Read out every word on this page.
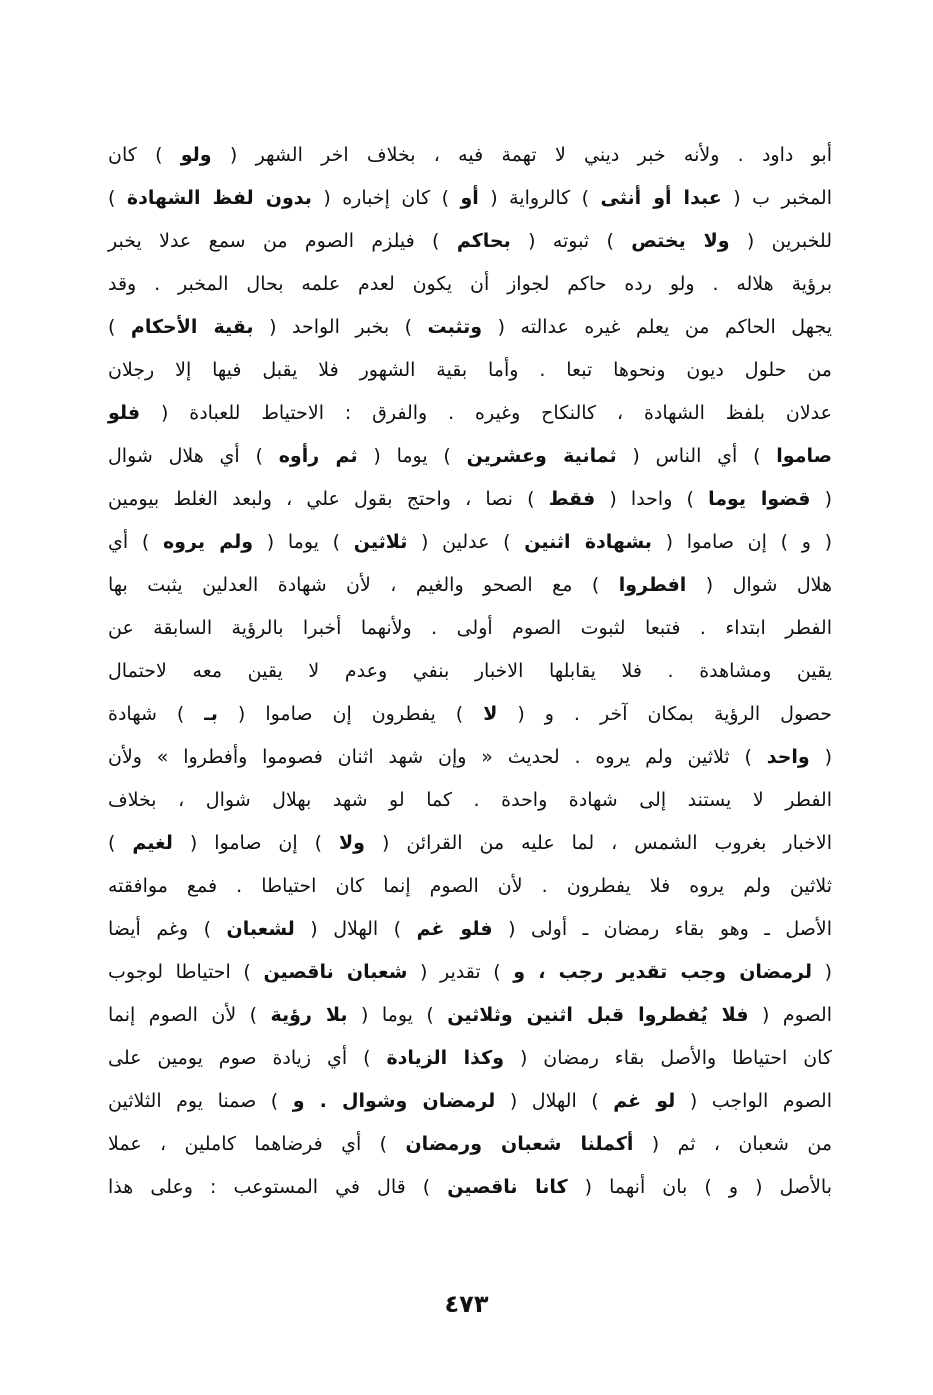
أبو داود . ولأنه خبر ديني لا تهمة فيه ، بخلاف اخر الشهر ( ولو ) كان
المخبر ب ( عبدا أو أنثى ) كالرواية ( أو ) كان إخباره ( بدون لفظ الشهادة )
للخبرين ( ولا يختص ) ثبوته ( بحاكم ) فيلزم الصوم من سمع عدلا يخبر
برؤية هلاله . ولو رده حاكم لجواز أن يكون لعدم علمه بحال المخبر . وقد
يجهل الحاكم من يعلم غيره عدالته ( وتثبت ) بخبر الواحد ( بقية الأحكام )
من حلول ديون ونحوها تبعا . وأما بقية الشهور فلا يقبل فيها إلا رجلان
عدلان بلفظ الشهادة ، كالنكاح وغيره . والفرق : الاحتياط للعبادة ( فلو
صاموا ) أي الناس ( ثمانية وعشرين ) يوما ( ثم رأوه ) أي هلال شوال
( قضوا يوما ) واحدا ( فقط ) نصا ، واحتج بقول علي ، ولبعد الغلط بيومين
( و ) إن صاموا ( بشهادة اثنين ) عدلين ( ثلاثين ) يوما ( ولم يروه ) أي
هلال شوال ( افطروا ) مع الصحو والغيم ، لأن شهادة العدلين يثبت بها
الفطر ابتداء . فتبعا لثبوت الصوم أولى . ولأنهما أخبرا بالرؤية السابقة عن
يقين ومشاهدة . فلا يقابلها الاخبار بنفي وعدم لا يقين معه لاحتمال
حصول الرؤية بمكان آخر . و ( لا ) يفطرون إن صاموا ( بـ ) شهادة
( واحد ) ثلاثين ولم يروه . لحديث « وإن شهد اثنان فصوموا وأفطروا » ولأن
الفطر لا يستند إلى شهادة واحدة . كما لو شهد بهلال شوال ، بخلاف
الاخبار بغروب الشمس ، لما عليه من القرائن ( ولا ) إن صاموا ( لغيم )
ثلاثين ولم يروه فلا يفطرون . لأن الصوم إنما كان احتياطا . فمع موافقته
الأصل ـ وهو بقاء رمضان ـ أولى ( فلو غم ) الهلال ( لشعبان ) وغم أيضا
( لرمضان وجب تقدير رجب ، و ) تقدير ( شعبان ناقصين ) احتياطا لوجوب
الصوم ( فلا يُفطروا قبل اثنين وثلاثين ) يوما ( بلا رؤية ) لأن الصوم إنما
كان احتياطا والأصل بقاء رمضان ( وكذا الزيادة ) أي زيادة صوم يومين على
الصوم الواجب ( لو غم ) الهلال ( لرمضان وشوال . و ) صمنا يوم الثلاثين
من شعبان ، ثم ( أكملنا شعبان ورمضان ) أي فرضاهما كاملين ، عملا
بالأصل ( و ) بان أنهما ( كانا ناقصين ) قال في المستوعب : وعلى هذا
٤٧٣
